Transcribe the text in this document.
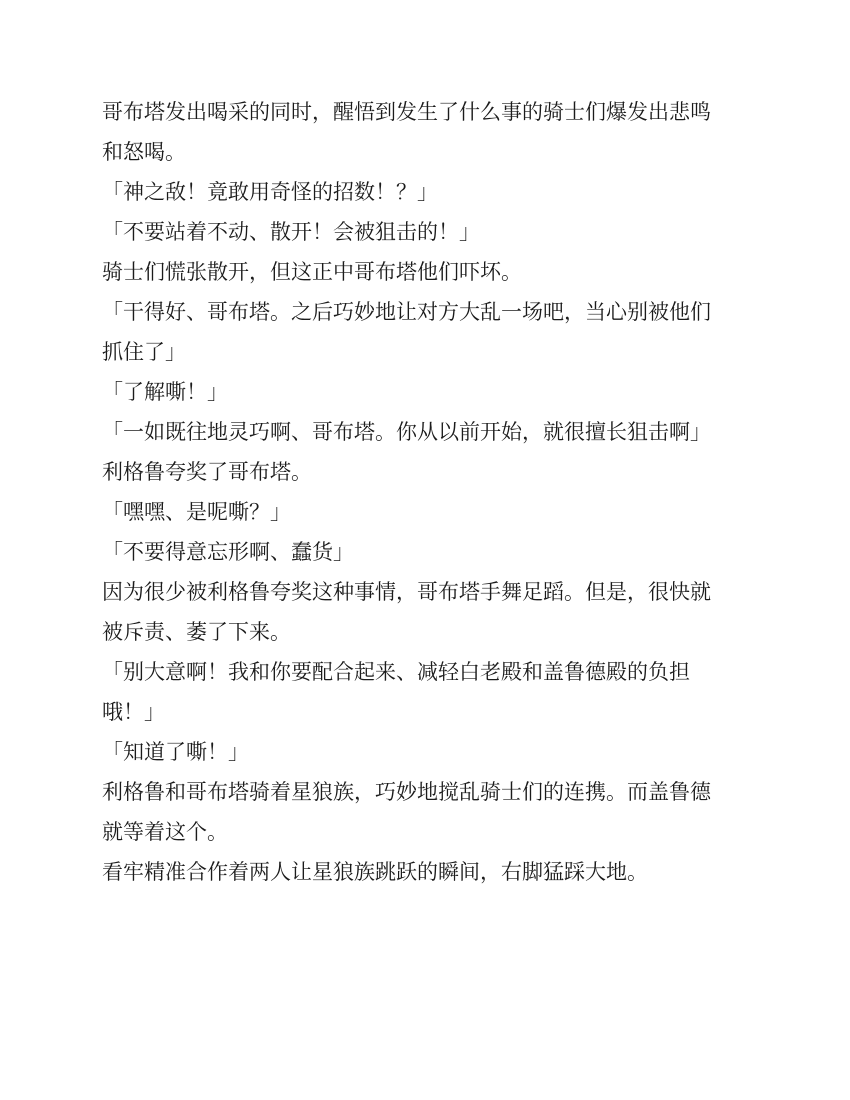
哥布塔发出喝采的同时，醒悟到发生了什么事的骑士们爆发出悲鸣和怒喝。

「神之敌！竟敢用奇怪的招数！？」

「不要站着不动、散开！会被狙击的！」

骑士们慌张散开，但这正中哥布塔他们吓坏。

「干得好、哥布塔。之后巧妙地让对方大乱一场吧，当心别被他们抓住了」

「了解嘶！」

「一如既往地灵巧啊、哥布塔。你从以前开始，就很擅长狙击啊」

利格鲁夸奖了哥布塔。

「嘿嘿、是呢嘶？」

「不要得意忘形啊、蠢货」

因为很少被利格鲁夸奖这种事情，哥布塔手舞足蹈。但是，很快就被斥责、萎了下来。

「别大意啊！我和你要配合起来、减轻白老殿和盖鲁德殿的负担哦！」

「知道了嘶！」

利格鲁和哥布塔骑着星狼族，巧妙地搅乱骑士们的连携。而盖鲁德就等着这个。

看牢精准合作着两人让星狼族跳跃的瞬间，右脚猛踩大地。
